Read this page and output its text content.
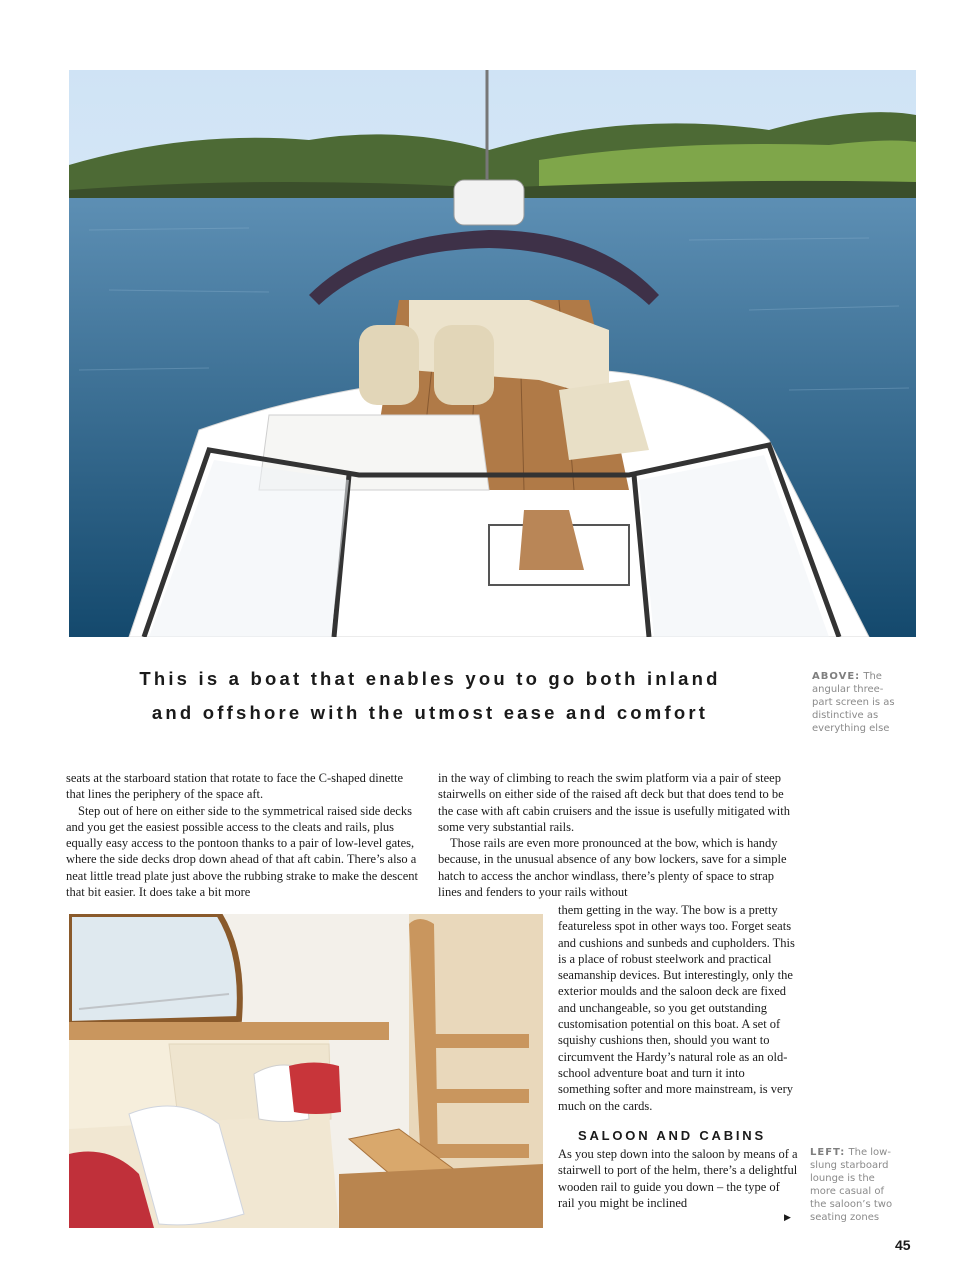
This is a boat that enables you to go both inland
and offshore with the utmost ease and comfort
ABOVE: The angular three-part screen is as distinctive as everything else

seats at the starboard station that rotate to face the C-shaped dinette that lines the periphery of the space aft.

Step out of here on either side to the symmetrical raised side decks and you get the easiest possible access to the cleats and rails, plus equally easy access to the pontoon thanks to a pair of low-level gates, where the side decks drop down ahead of that aft cabin. There’s also a neat little tread plate just above the rubbing strake to make the descent that bit easier. It does take a bit more

in the way of climbing to reach the swim platform via a pair of steep stairwells on either side of the raised aft deck but that does tend to be the case with aft cabin cruisers and the issue is usefully mitigated with some very substantial rails.

Those rails are even more pronounced at the bow, which is handy because, in the unusual absence of any bow lockers, save for a simple hatch to access the anchor windlass, there’s plenty of space to strap lines and fenders to your rails without

them getting in the way. The bow is a pretty featureless spot in other ways too. Forget seats and cushions and sunbeds and cupholders. This is a place of robust steelwork and practical seamanship devices. But interestingly, only the exterior moulds and the saloon deck are fixed and unchangeable, so you get outstanding customisation potential on this boat. A set of squishy cushions then, should you want to circumvent the Hardy’s natural role as an old-school adventure boat and turn it into something softer and more mainstream, is very much on the cards.

SALOON AND CABINS

As you step down into the saloon by means of a stairwell to port of the helm, there’s a delightful wooden rail to guide you down – the type of rail you might be inclined

▶
LEFT: The low-slung starboard lounge is the more casual of the saloon’s two seating zones
45
